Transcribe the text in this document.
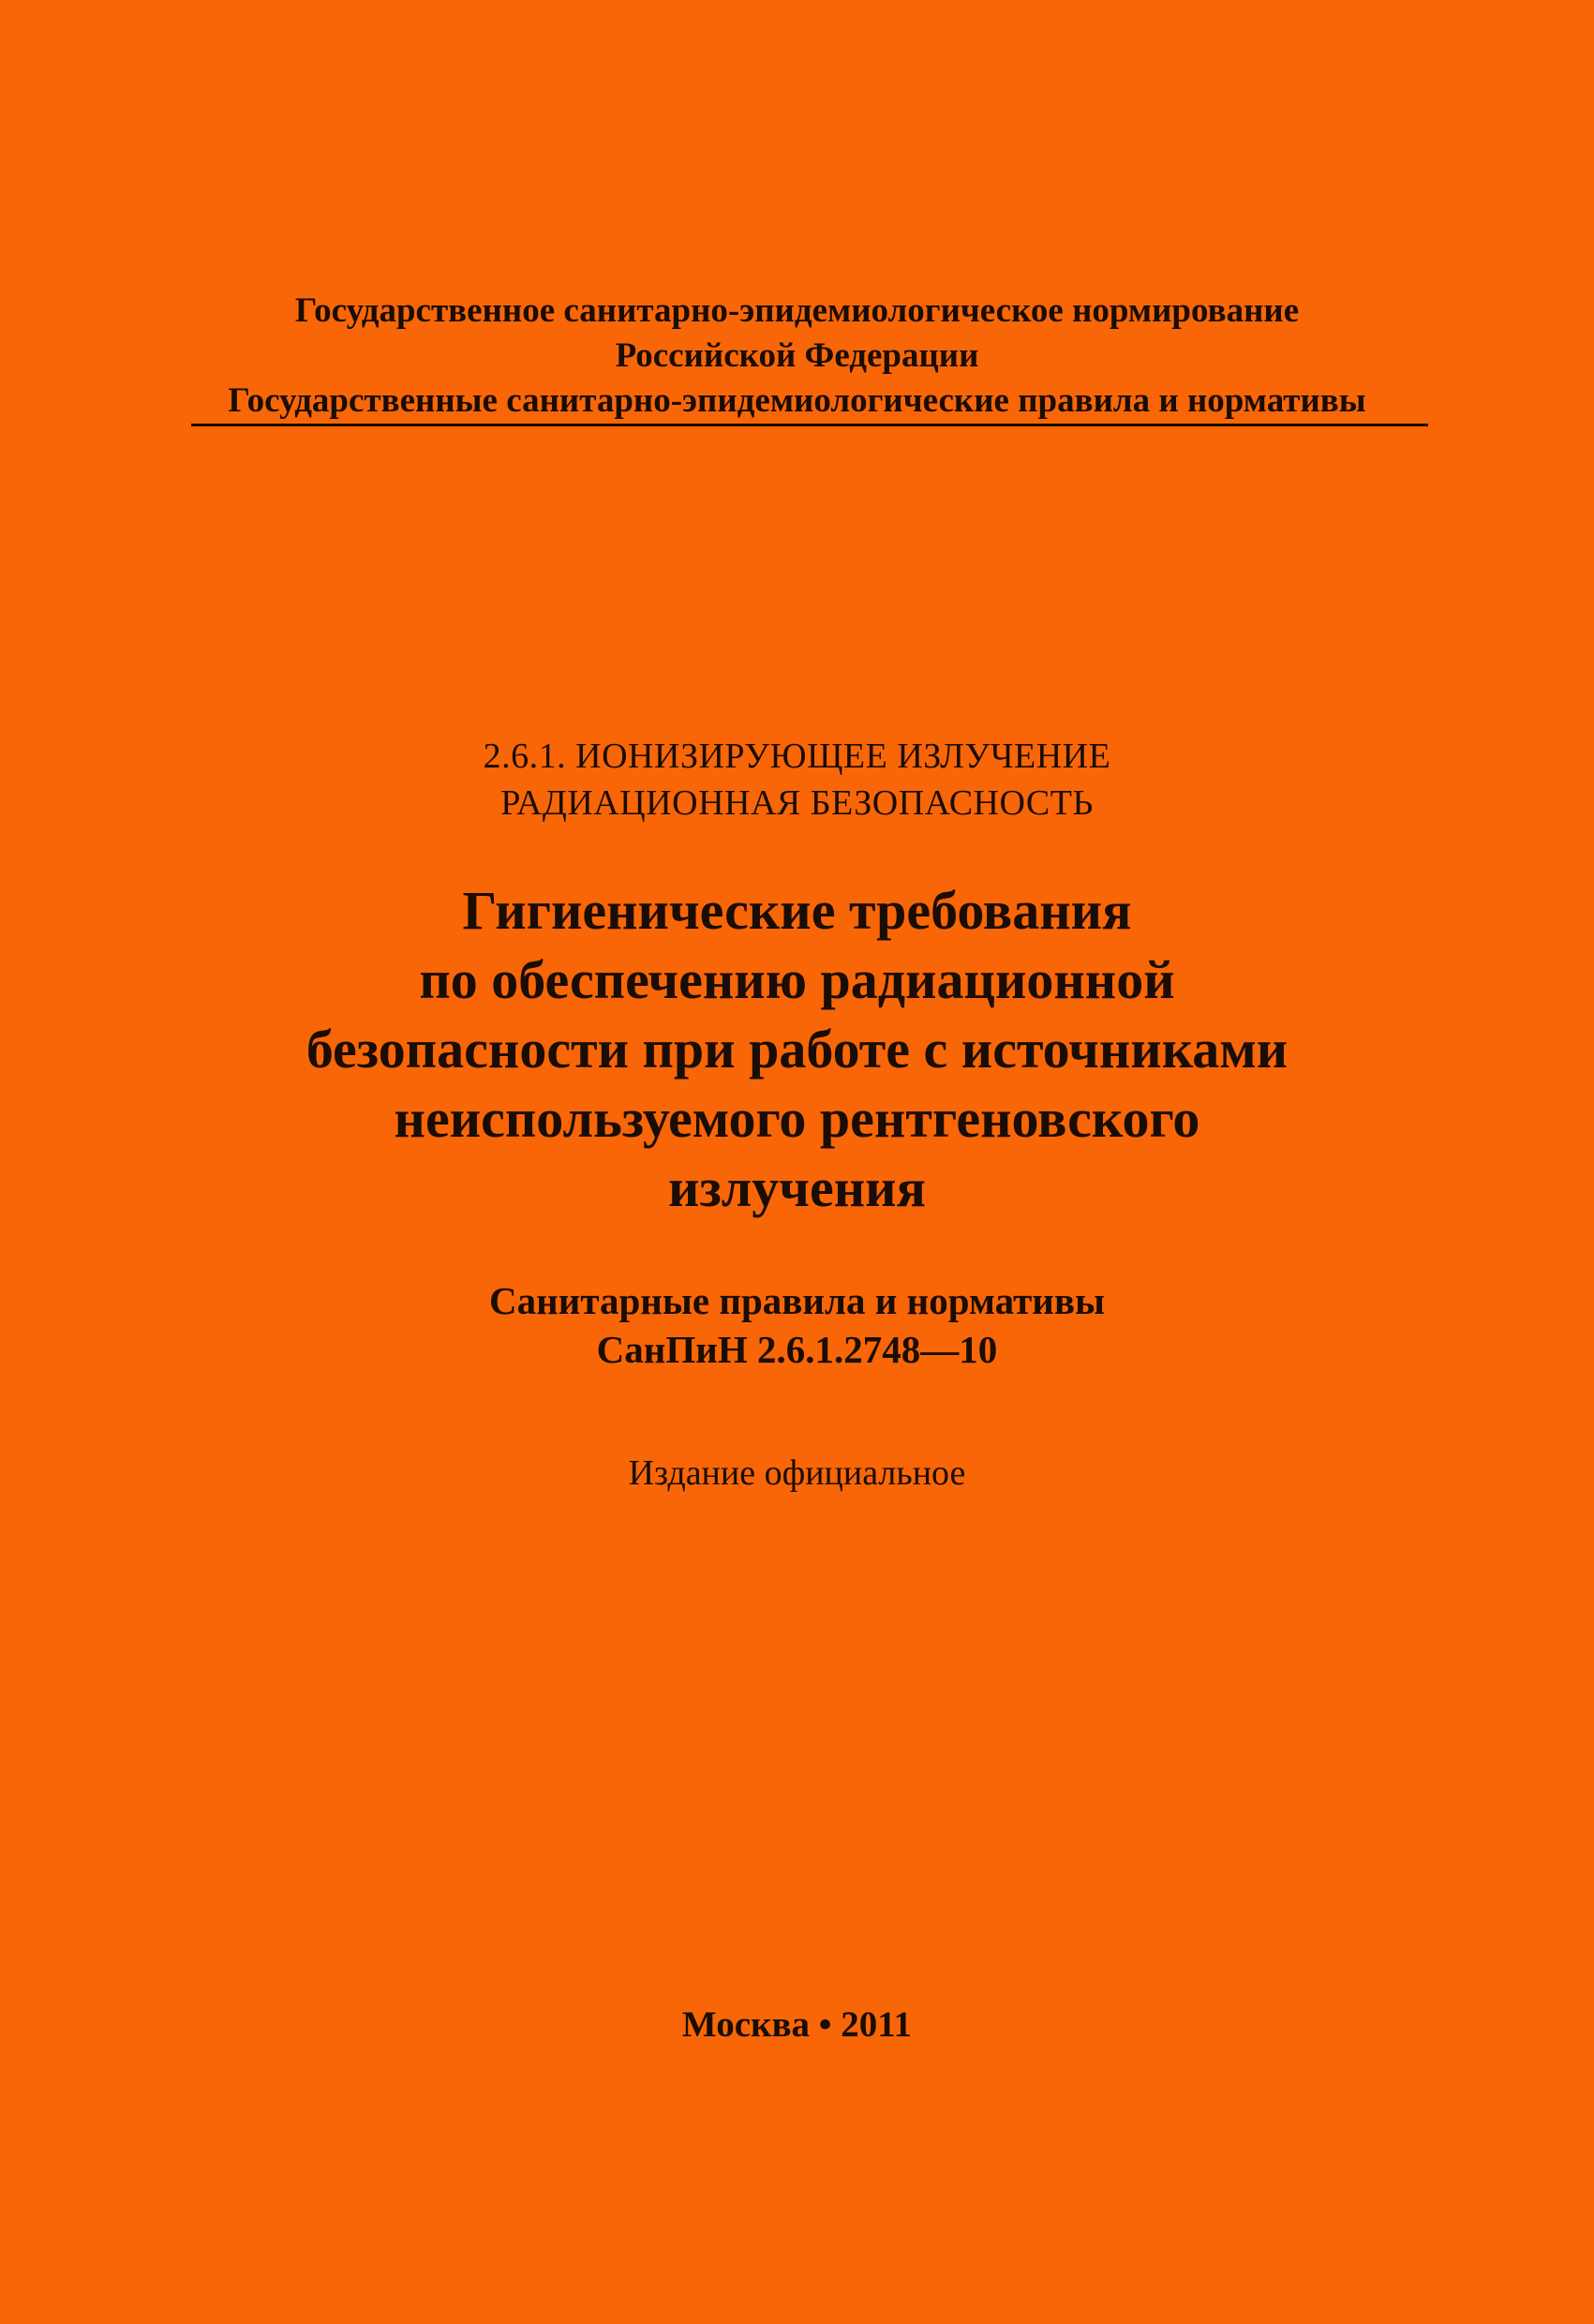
Государственное санитарно-эпидемиологическое нормирование
Российской Федерации
Государственные санитарно-эпидемиологические правила и нормативы
2.6.1. ИОНИЗИРУЮЩЕЕ ИЗЛУЧЕНИЕ
РАДИАЦИОННАЯ БЕЗОПАСНОСТЬ
Гигиенические требования
по обеспечению радиационной
безопасности при работе с источниками
неиспользуемого рентгеновского
излучения
Санитарные правила и нормативы
СанПиН 2.6.1.2748—10
Издание официальное
Москва • 2011
